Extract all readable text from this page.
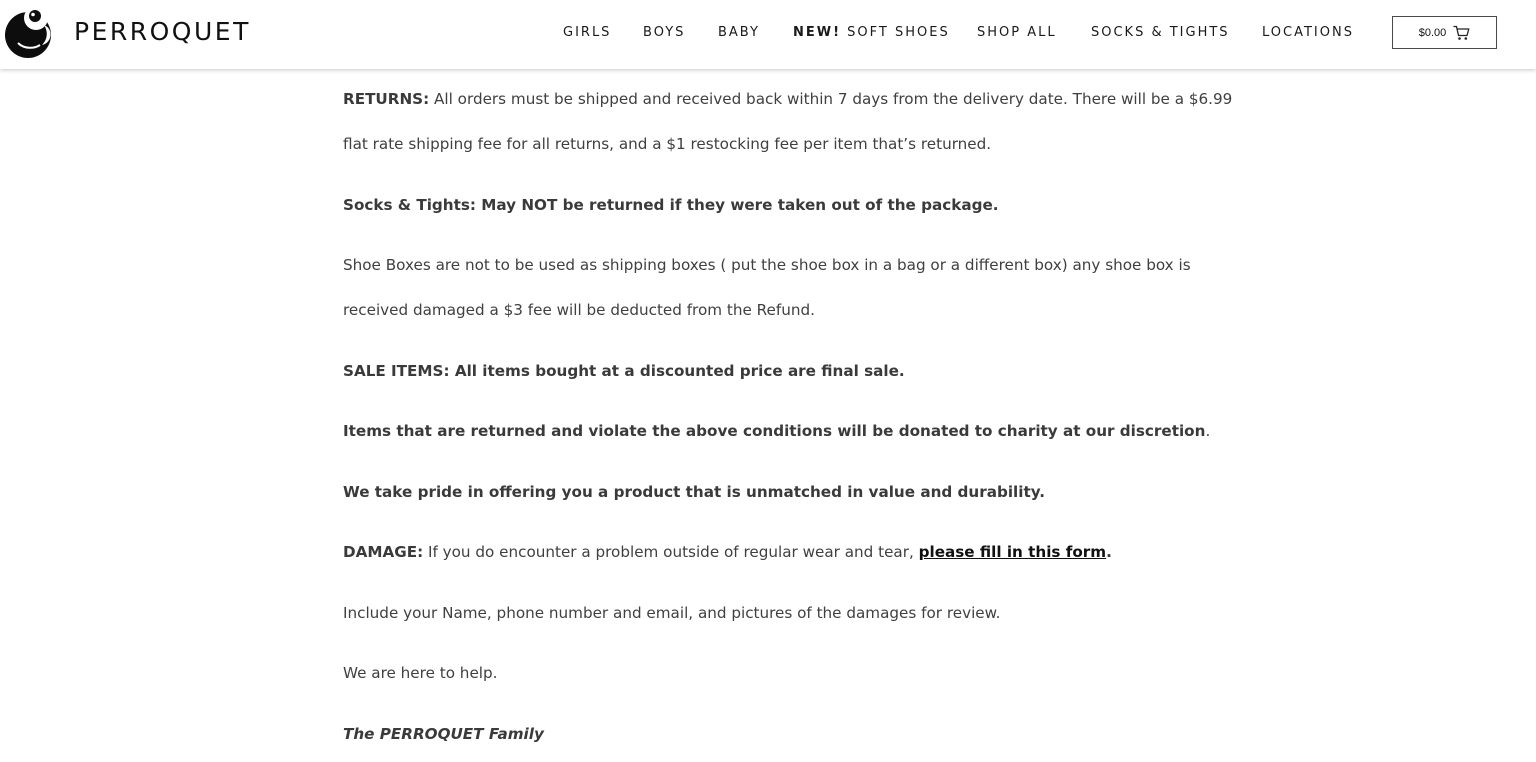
PERROQUET	GIRLS BOYS	BABY	NEW! SOFT SHOES SHOP ALL	SOCKS & TIGHTS LOCATIONS	$0.00
RETURNS: All orders must be shipped and received back within 7 days from the delivery date. There will be a $6.99
flat rate shipping fee for all returns, and a $1 restocking fee per item that’s returned.
Socks & Tights: May NOT be returned if they were taken out of the package.
Shoe Boxes are not to be used as shipping boxes ( put the shoe box in a bag or a different box) any shoe box is
received damaged a $3 fee will be deducted from the Refund.
SALE ITEMS: All items bought at a discounted price are final sale.
Items that are returned and violate the above conditions will be donated to charity at our discretion.
We take pride in offering you a product that is unmatched in value and durability.
DAMAGE: If you do encounter a problem outside of regular wear and tear, please fill in this form.
Include your Name, phone number and email, and pictures of the damages for review.
We are here to help.
The PERROQUET Family
